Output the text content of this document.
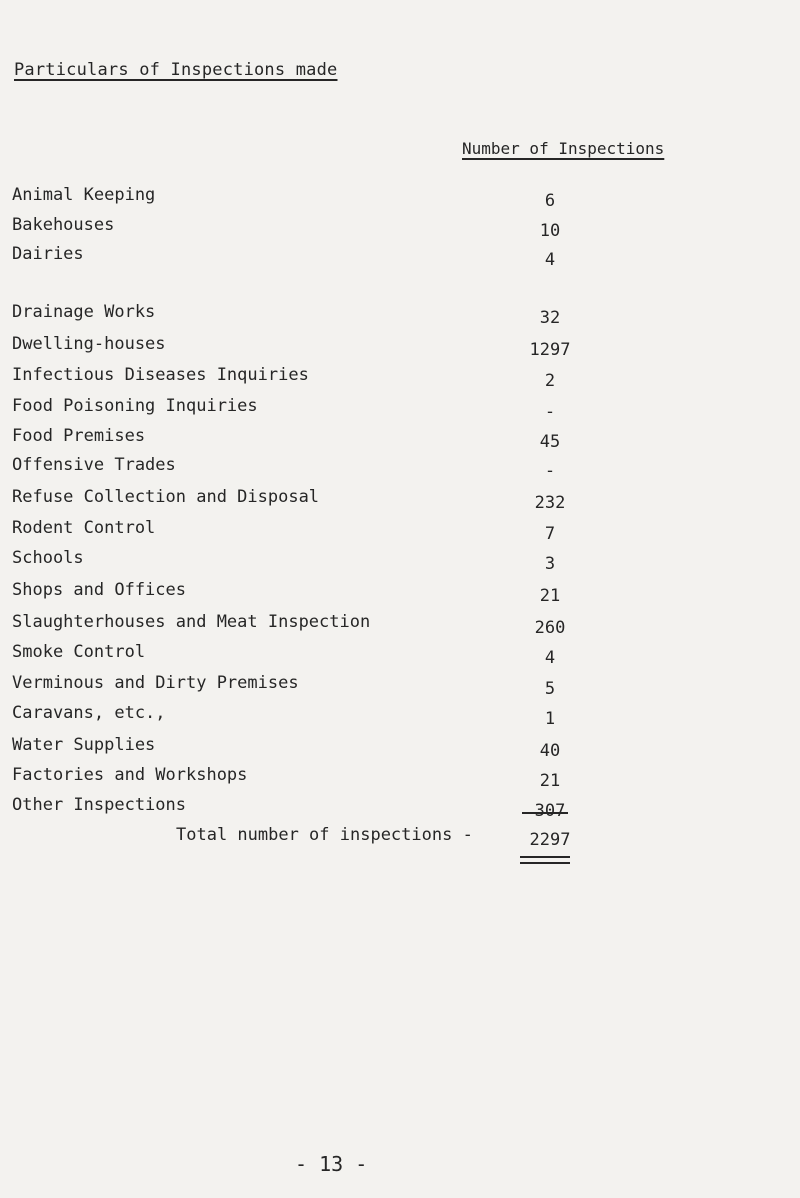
Particulars of Inspections made
Number of Inspections
Animal Keeping	6
Bakehouses	10
Dairies	4
Drainage Works	32
Dwelling-houses	1297
Infectious Diseases Inquiries	2
Food Poisoning Inquiries	-
Food Premises	45
Offensive Trades	-
Refuse Collection and Disposal	232
Rodent Control	7
Schools	3
Shops and Offices	21
Slaughterhouses and Meat Inspection	260
Smoke Control	4
Verminous and Dirty Premises	5
Caravans, etc.,	1
Water Supplies	40
Factories and Workshops	21
Other Inspections	307
Total number of inspections -	2297
- 13 -
